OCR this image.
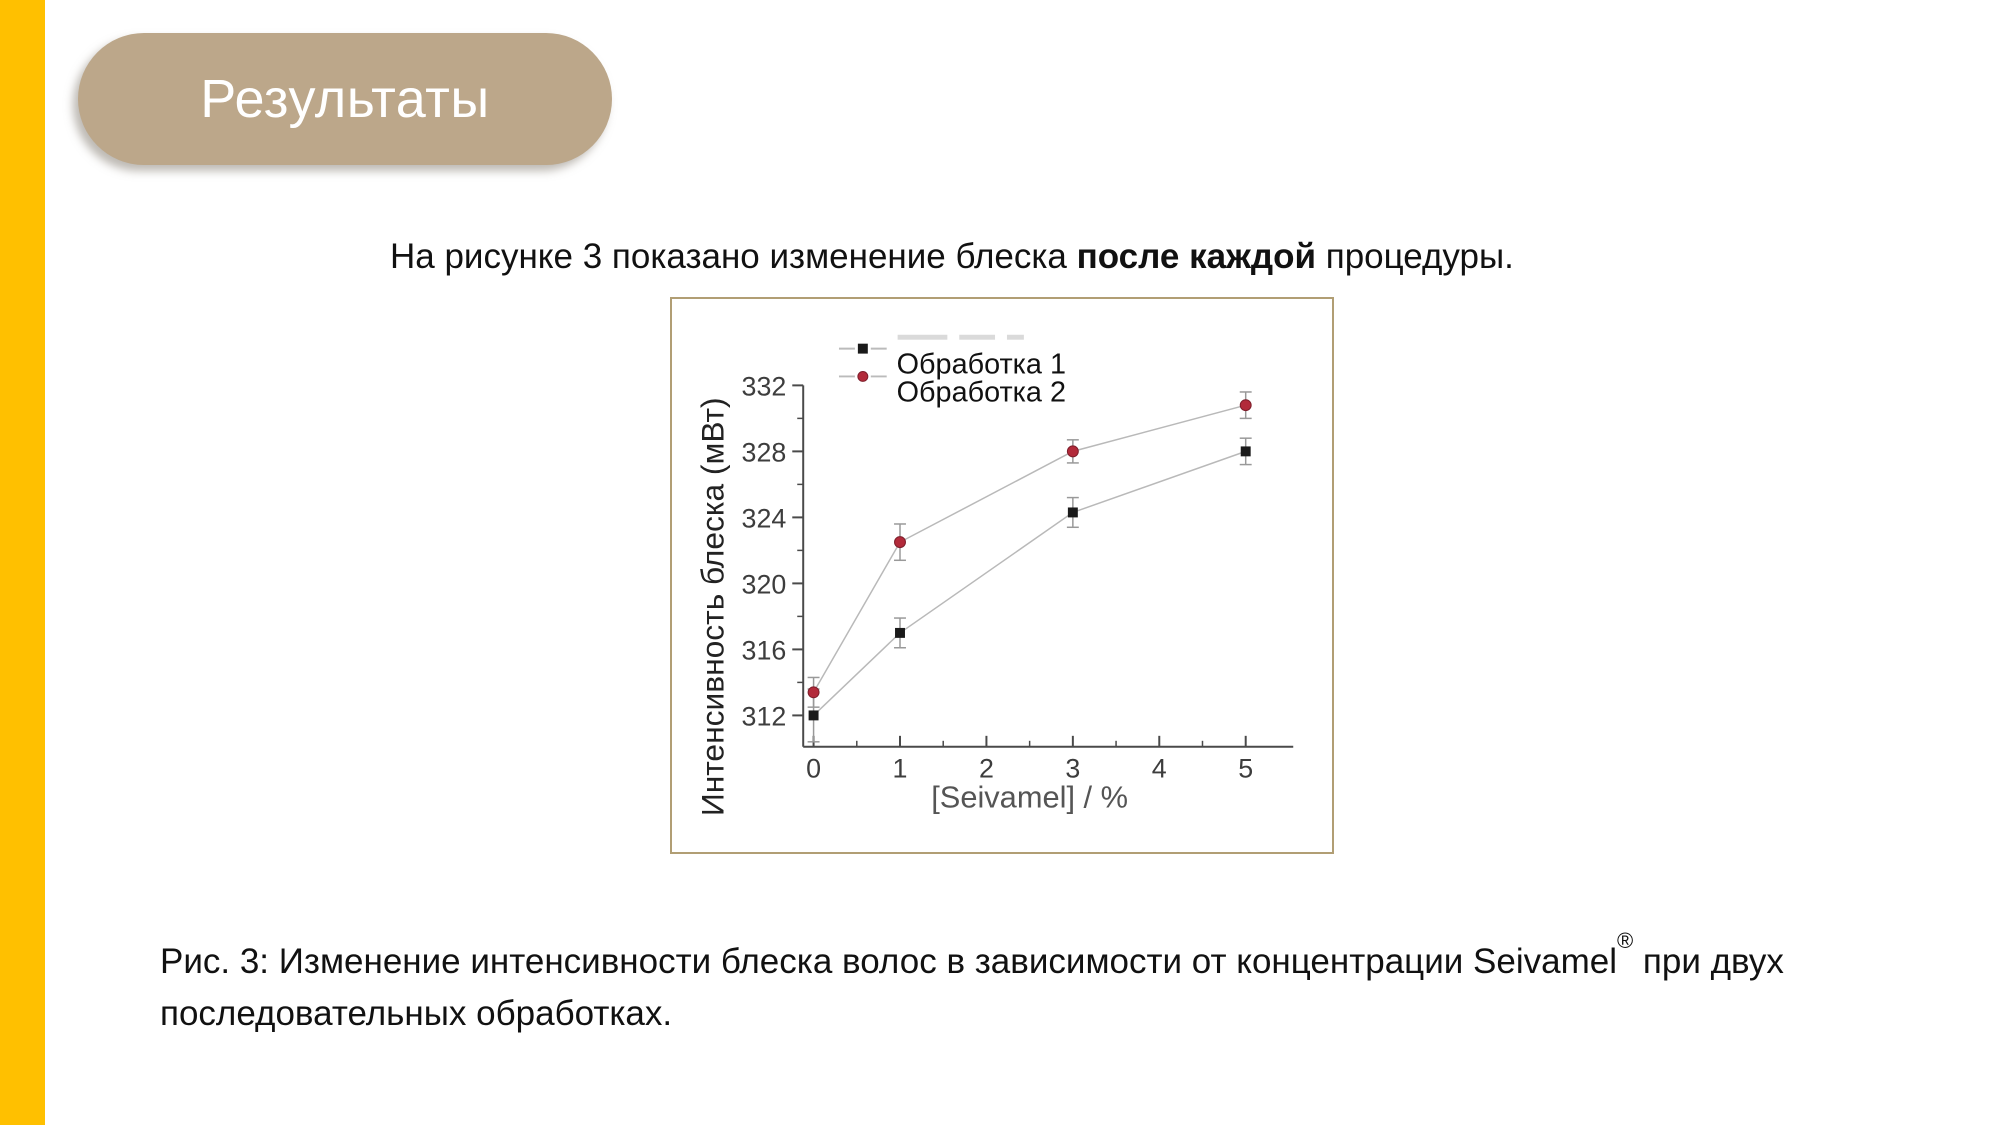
Результаты

На рисунке 3 показано изменение блеска после каждой процедуры.

312
316
320
324
328
332
0	1	2	3	4	5
Обработка 1
Обработка 2
[Seivamel] / %
Интенсивность блеска (мВт)

Рис. 3: Изменение интенсивности блеска волос в зависимости от концентрации Seivamel® при двух последовательных обработках.
